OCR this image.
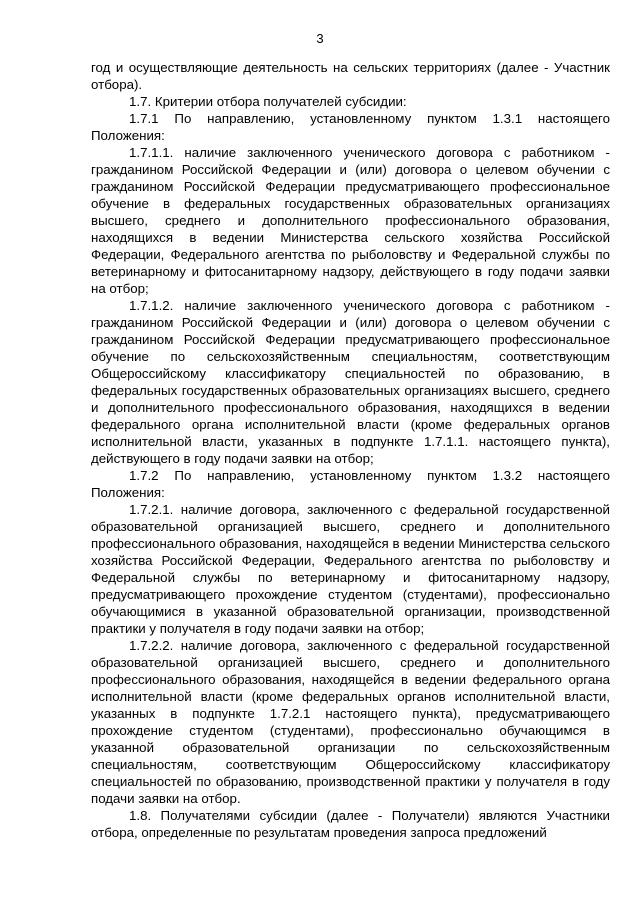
3

год и осуществляющие деятельность на сельских территориях (далее - Участник отбора).

1.7. Критерии отбора получателей субсидии:

1.7.1 По направлению, установленному пунктом 1.3.1 настоящего Положения:

1.7.1.1. наличие заключенного ученического договора с работником - гражданином Российской Федерации и (или) договора о целевом обучении с гражданином Российской Федерации предусматривающего профессиональное обучение в федеральных государственных образовательных организациях высшего, среднего и дополнительного профессионального образования, находящихся в ведении Министерства сельского хозяйства Российской Федерации, Федерального агентства по рыболовству и Федеральной службы по ветеринарному и фитосанитарному надзору, действующего в году подачи заявки на отбор;

1.7.1.2. наличие заключенного ученического договора с работником - гражданином Российской Федерации и (или) договора о целевом обучении с гражданином Российской Федерации предусматривающего профессиональное обучение по сельскохозяйственным специальностям, соответствующим Общероссийскому классификатору специальностей по образованию, в федеральных государственных образовательных организациях высшего, среднего и дополнительного профессионального образования, находящихся в ведении федерального органа исполнительной власти (кроме федеральных органов исполнительной власти, указанных в подпункте 1.7.1.1. настоящего пункта), действующего в году подачи заявки на отбор;

1.7.2 По направлению, установленному пунктом 1.3.2 настоящего Положения:

1.7.2.1. наличие договора, заключенного с федеральной государственной образовательной организацией высшего, среднего и дополнительного профессионального образования, находящейся в ведении Министерства сельского хозяйства Российской Федерации, Федерального агентства по рыболовству и Федеральной службы по ветеринарному и фитосанитарному надзору, предусматривающего прохождение студентом (студентами), профессионально обучающимися в указанной образовательной организации, производственной практики у получателя в году подачи заявки на отбор;

1.7.2.2. наличие договора, заключенного с федеральной государственной образовательной организацией высшего, среднего и дополнительного профессионального образования, находящейся в ведении федерального органа исполнительной власти (кроме федеральных органов исполнительной власти, указанных в подпункте 1.7.2.1 настоящего пункта), предусматривающего прохождение студентом (студентами), профессионально обучающимся в указанной образовательной организации по сельскохозяйственным специальностям, соответствующим Общероссийскому классификатору специальностей по образованию, производственной практики у получателя в году подачи заявки на отбор.

1.8. Получателями субсидии (далее - Получатели) являются Участники отбора, определенные по результатам проведения запроса предложений
